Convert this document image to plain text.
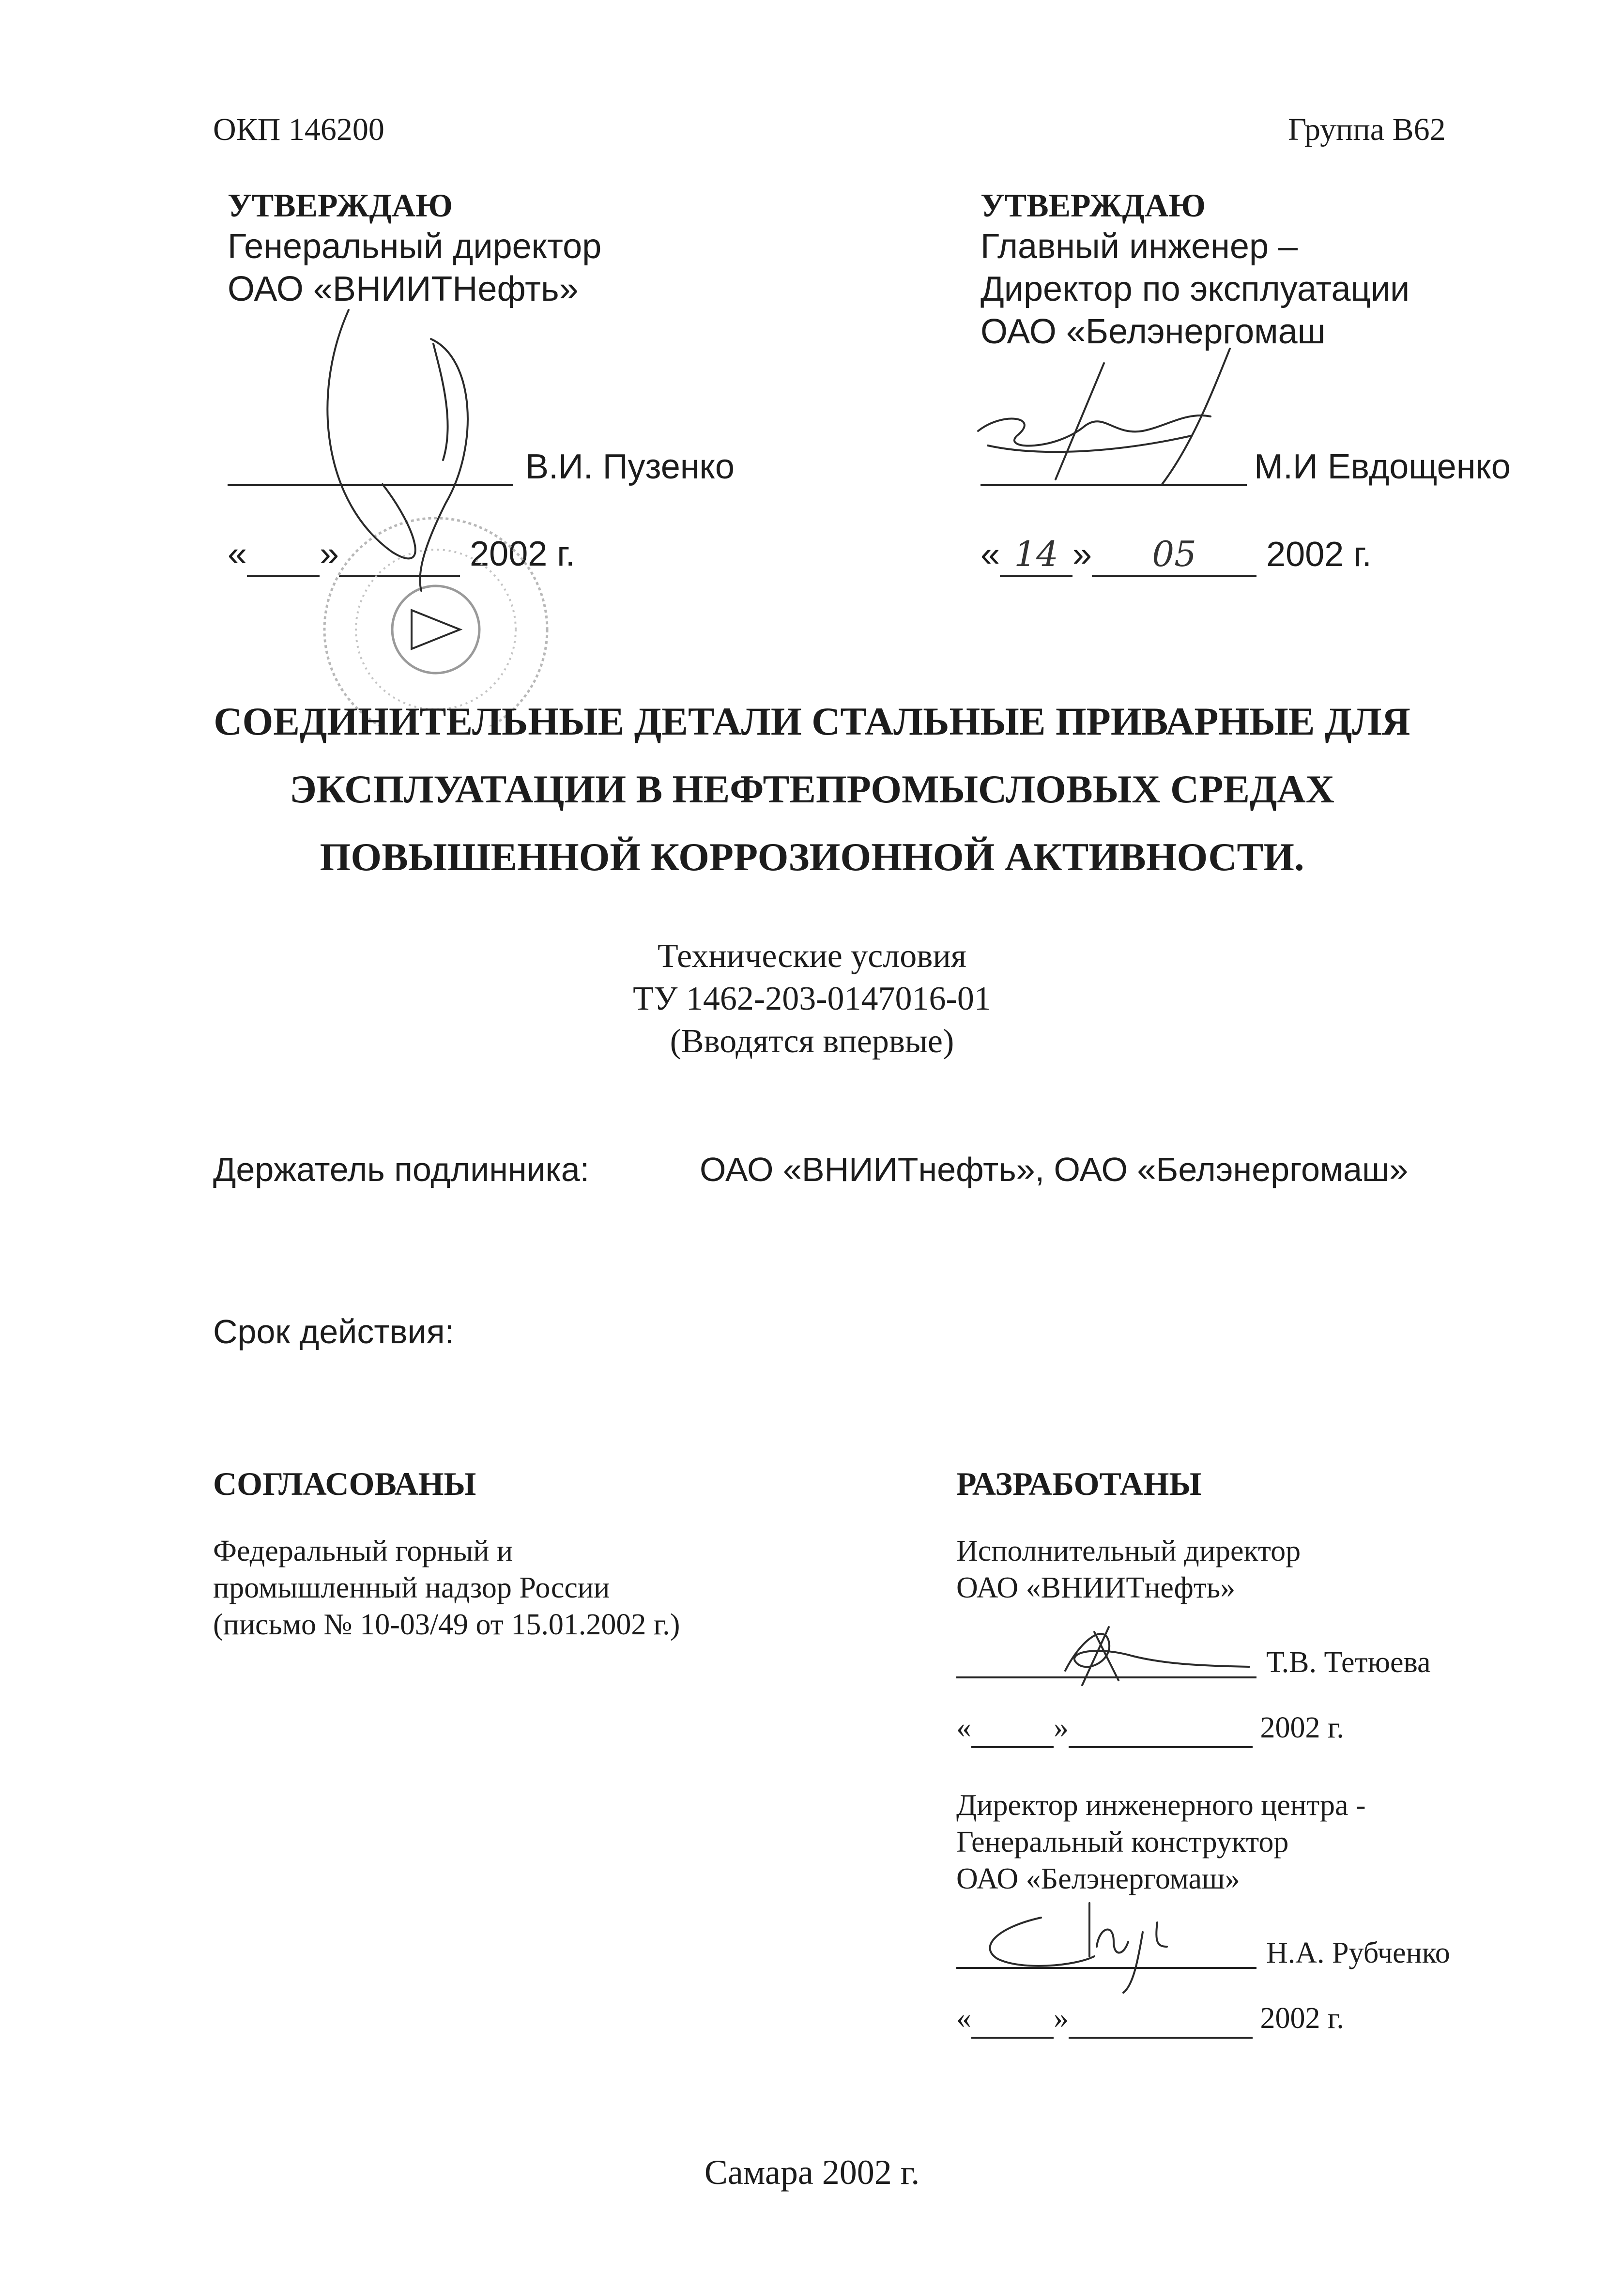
ОКП 146200	Группа В62
УТВЕРЖДАЮ
Генеральный директор
ОАО «ВНИИТНефть»
В.И. Пузенко
« »	2002 г.
УТВЕРЖДАЮ
Главный инженер –
Директор по эксплуатации
ОАО «Белэнергомаш
М.И Евдощенко
« 14 » 05 2002 г.
СОЕДИНИТЕЛЬНЫЕ ДЕТАЛИ СТАЛЬНЫЕ ПРИВАРНЫЕ ДЛЯ
ЭКСПЛУАТАЦИИ В НЕФТЕПРОМЫСЛОВЫХ СРЕДАХ
ПОВЫШЕННОЙ КОРРОЗИОННОЙ АКТИВНОСТИ.
Технические условия
ТУ 1462-203-0147016-01
(Вводятся впервые)
Держатель подлинника:	ОАО «ВНИИТнефть», ОАО «Белэнергомаш»
Срок действия:
СОГЛАСОВАНЫ
Федеральный горный и
промышленный надзор России
(письмо № 10-03/49 от 15.01.2002 г.)
РАЗРАБОТАНЫ
Исполнительный директор
ОАО «ВНИИТнефть»
Т.В. Тетюева
«	»	2002 г.
Директор инженерного центра -
Генеральный конструктор
ОАО «Белэнергомаш»
Н.А. Рубченко
«	»	2002 г.
Самара 2002 г.
